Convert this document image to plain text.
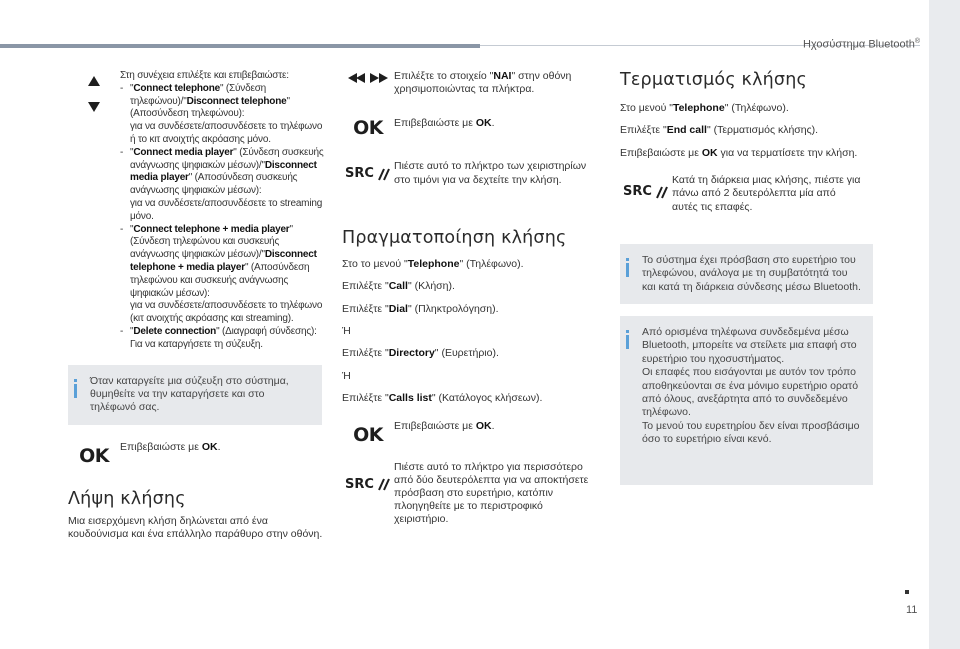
Ηχοσύστημα Bluetooth®
11
Στη συνέχεια επιλέξτε και επιβεβαιώστε:
- "Connect telephone" (Σύνδεση τηλεφώνου)/"Disconnect telephone" (Αποσύνδεση τηλεφώνου):
για να συνδέσετε/αποσυνδέσετε το τηλέφωνο ή το κιτ ανοιχτής ακρόασης μόνο.
- "Connect media player" (Σύνδεση συσκευής ανάγνωσης ψηφιακών μέσων)/"Disconnect media player" (Αποσύνδεση συσκευής ανάγνωσης ψηφιακών μέσων):
για να συνδέσετε/αποσυνδέσετε το streaming μόνο.
- "Connect telephone + media player" (Σύνδεση τηλεφώνου και συσκευής ανάγνωσης ψηφιακών μέσων)/"Disconnect telephone + media player" (Αποσύνδεση τηλεφώνου και συσκευής ανάγνωσης ψηφιακών μέσων):
για να συνδέσετε/αποσυνδέσετε το τηλέφωνο (κιτ ανοιχτής ακρόασης και streaming).
- "Delete connection" (Διαγραφή σύνδεσης):
Για να καταργήσετε τη σύζευξη.
Όταν καταργείτε μια σύζευξη στο σύστημα, θυμηθείτε να την καταργήσετε και στο τηλέφωνό σας.
OK Επιβεβαιώστε με OK.
Λήψη κλήσης
Μια εισερχόμενη κλήση δηλώνεται από ένα κουδούνισμα και ένα επάλληλο παράθυρο στην οθόνη.
Επιλέξτε το στοιχείο "NAI" στην οθόνη χρησιμοποιώντας τα πλήκτρα.
OK Επιβεβαιώστε με OK.
SRC Πιέστε αυτό το πλήκτρο των χειριστηρίων στο τιμόνι για να δεχτείτε την κλήση.
Πραγματοποίηση κλήσης
Στο το μενού "Telephone" (Τηλέφωνο).
Επιλέξτε "Call" (Κλήση).
Επιλέξτε "Dial" (Πληκτρολόγηση).
Ή
Επιλέξτε "Directory" (Ευρετήριο).
Ή
Επιλέξτε "Calls list" (Κατάλογος κλήσεων).
OK Επιβεβαιώστε με OK.
SRC
Πιέστε αυτό το πλήκτρο για περισσότερο από δύο δευτερόλεπτα για να αποκτήσετε πρόσβαση στο ευρετήριο, κατόπιν πλοηγηθείτε με το περιστροφικό χειριστήριο.
Τερματισμός κλήσης
Στο μενού "Telephone" (Τηλέφωνο).
Επιλέξτε "End call" (Τερματισμός κλήσης).
Επιβεβαιώστε με OK για να τερματίσετε την κλήση.
SRC
Κατά τη διάρκεια μιας κλήσης, πιέστε για πάνω από 2 δευτερόλεπτα μία από αυτές τις επαφές.
Το σύστημα έχει πρόσβαση στο ευρετήριο του τηλεφώνου, ανάλογα με τη συμβατότητά του και κατά τη διάρκεια σύνδεσης μέσω Bluetooth.
Από ορισμένα τηλέφωνα συνδεδεμένα μέσω Bluetooth, μπορείτε να στείλετε μια επαφή στο ευρετήριο του ηχοσυστήματος.
Οι επαφές που εισάγονται με αυτόν τον τρόπο αποθηκεύονται σε ένα μόνιμο ευρετήριο ορατό από όλους, ανεξάρτητα από το συνδεδεμένο τηλέφωνο.
Το μενού του ευρετηρίου δεν είναι προσβάσιμο όσο το ευρετήριο είναι κενό.
